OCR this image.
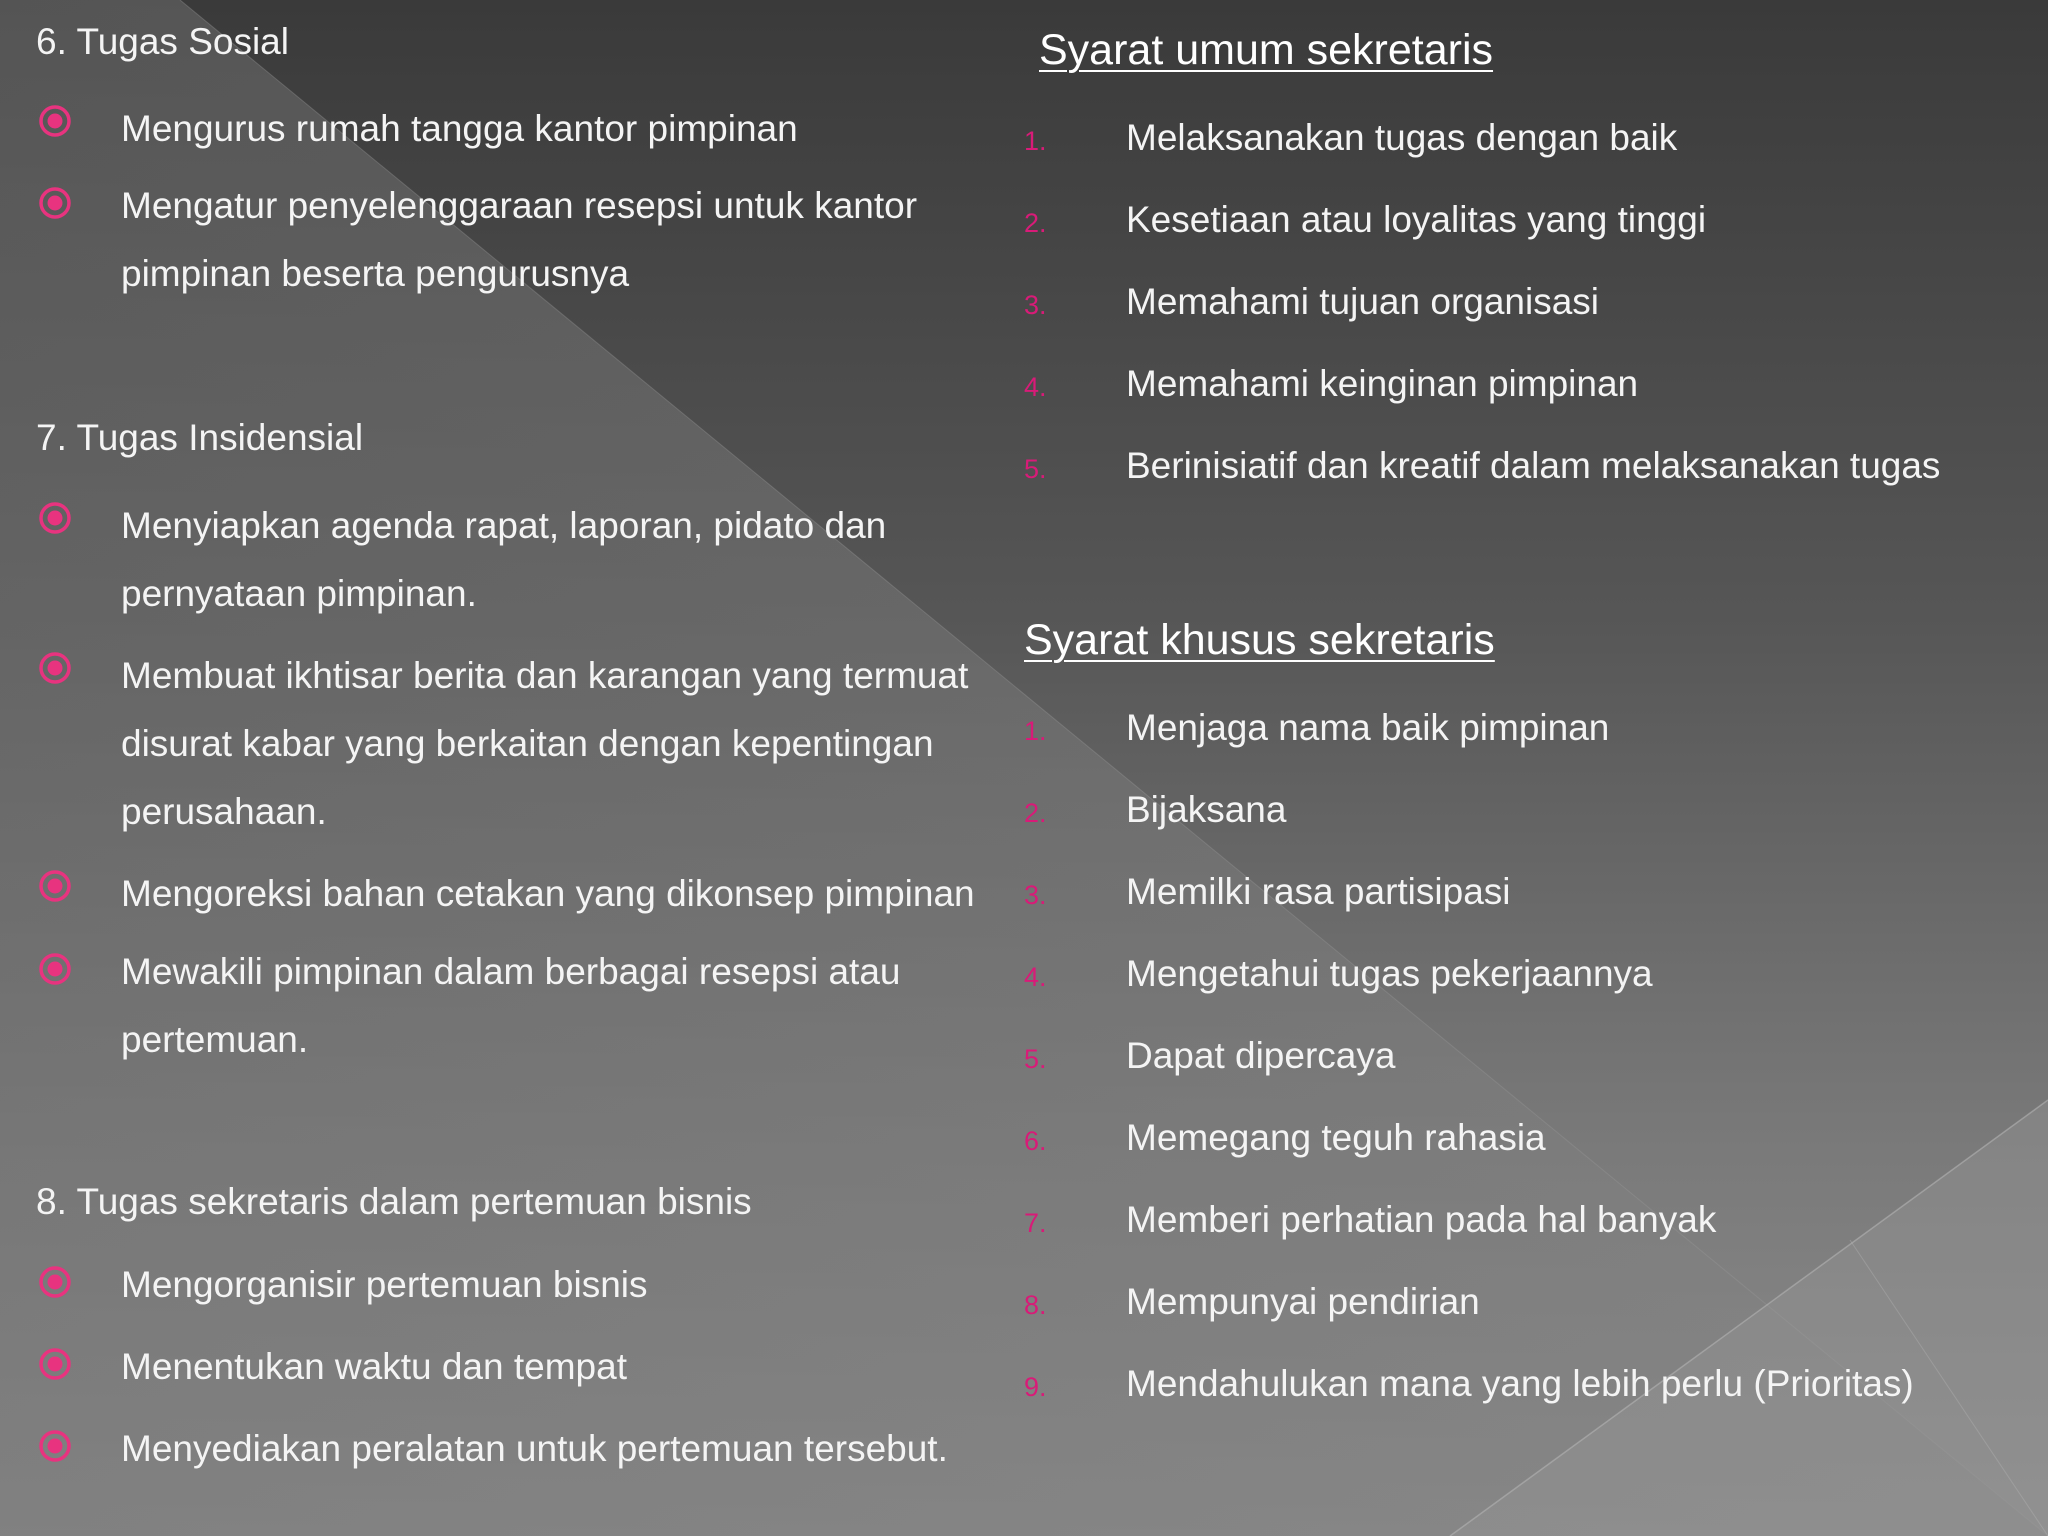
6. Tugas Sosial
Mengurus rumah tangga kantor pimpinan
Mengatur penyelenggaraan resepsi untuk kantor pimpinan beserta pengurusnya
7. Tugas Insidensial
Menyiapkan agenda rapat, laporan, pidato dan pernyataan pimpinan.
Membuat ikhtisar berita dan karangan yang termuat disurat kabar yang berkaitan dengan kepentingan perusahaan.
Mengoreksi bahan cetakan yang dikonsep pimpinan
Mewakili pimpinan dalam berbagai resepsi atau pertemuan.
8. Tugas sekretaris dalam pertemuan bisnis
Mengorganisir pertemuan bisnis
Menentukan waktu dan tempat
Menyediakan peralatan untuk pertemuan tersebut.
Syarat umum sekretaris
1. Melaksanakan tugas dengan baik
2. Kesetiaan atau loyalitas yang tinggi
3. Memahami tujuan organisasi
4. Memahami keinginan pimpinan
5. Berinisiatif dan kreatif dalam melaksanakan tugas
Syarat khusus sekretaris
1. Menjaga nama baik pimpinan
2. Bijaksana
3. Memilki rasa partisipasi
4. Mengetahui tugas pekerjaannya
5. Dapat dipercaya
6. Memegang teguh rahasia
7. Memberi perhatian pada hal banyak
8. Mempunyai pendirian
9. Mendahulukan mana yang lebih perlu (Prioritas)
